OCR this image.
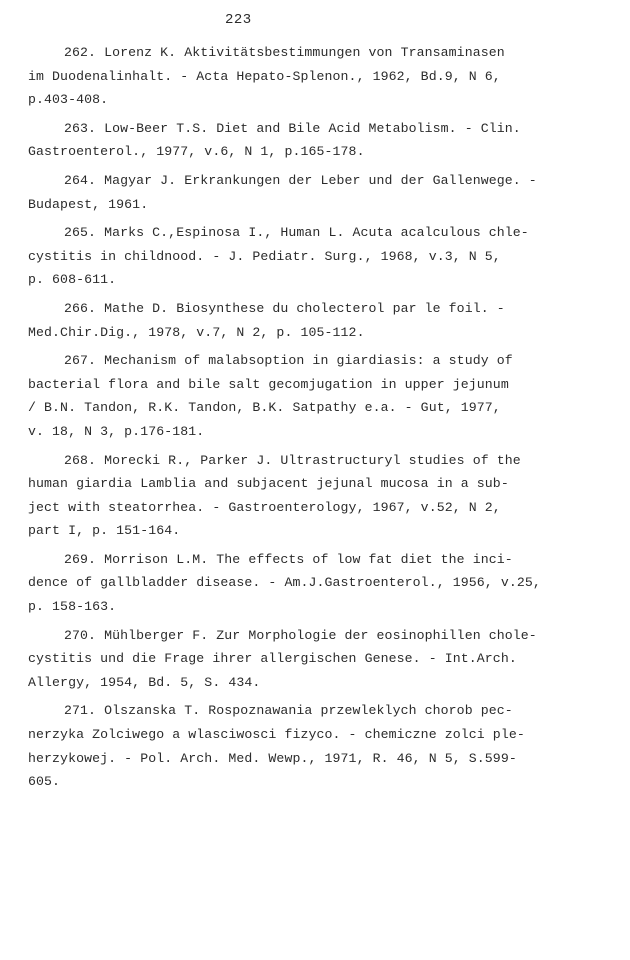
223
262. Lorenz K. Aktivitätsbestimmungen von Transaminasen
im Duodenalinhalt. - Acta Hepato-Splenon., 1962, Bd.9, N 6,
p.403-408.
263. Low-Beer T.S. Diet and Bile Acid Metabolism. - Clin.
Gastroenterol., 1977, v.6, N 1, p.165-178.
264. Magyar J. Erkrankungen der Leber und der Gallenwege. -
Budapest, 1961.
265. Marks C.,Espinosa I., Human L. Acuta acalculous chle-
cystitis in childnood. - J. Pediatr. Surg., 1968, v.3, N 5,
p. 608-611.
266. Mathe D. Biosynthese du cholecterol par le foil. -
Med.Chir.Dig., 1978, v.7, N 2, p. 105-112.
267. Mechanism of malabsoption in giardiasis: a study of
bacterial flora and bile salt gecomjugation in upper jejunum
/ B.N. Tandon, R.K. Tandon, B.K. Satpathy e.a. - Gut, 1977,
v. 18, N 3, p.176-181.
268. Morecki R., Parker J. Ultrastructuryl studies of the
human giardia Lamblia and subjacent jejunal mucosa in a sub-
ject with steatorrhea. - Gastroenterology, 1967, v.52, N 2,
part I, p. 151-164.
269. Morrison L.M. The effects of low fat diet the inci-
dence of gallbladder disease. - Am.J.Gastroenterol., 1956, v.25,
p. 158-163.
270. Mühlberger F. Zur Morphologie der eosinophillen chole-
cystitis und die Frage ihrer allergischen Genese. - Int.Arch.
Allergy, 1954, Bd. 5, S. 434.
271. Olszanska T. Rospoznawania przewleklych chorob pec-
nerzyka Zolciwego a wlasciwosci fizyco. - chemiczne zolci ple-
herzykowej. - Pol. Arch. Med. Wewp., 1971, R. 46, N 5, S.599-
605.
